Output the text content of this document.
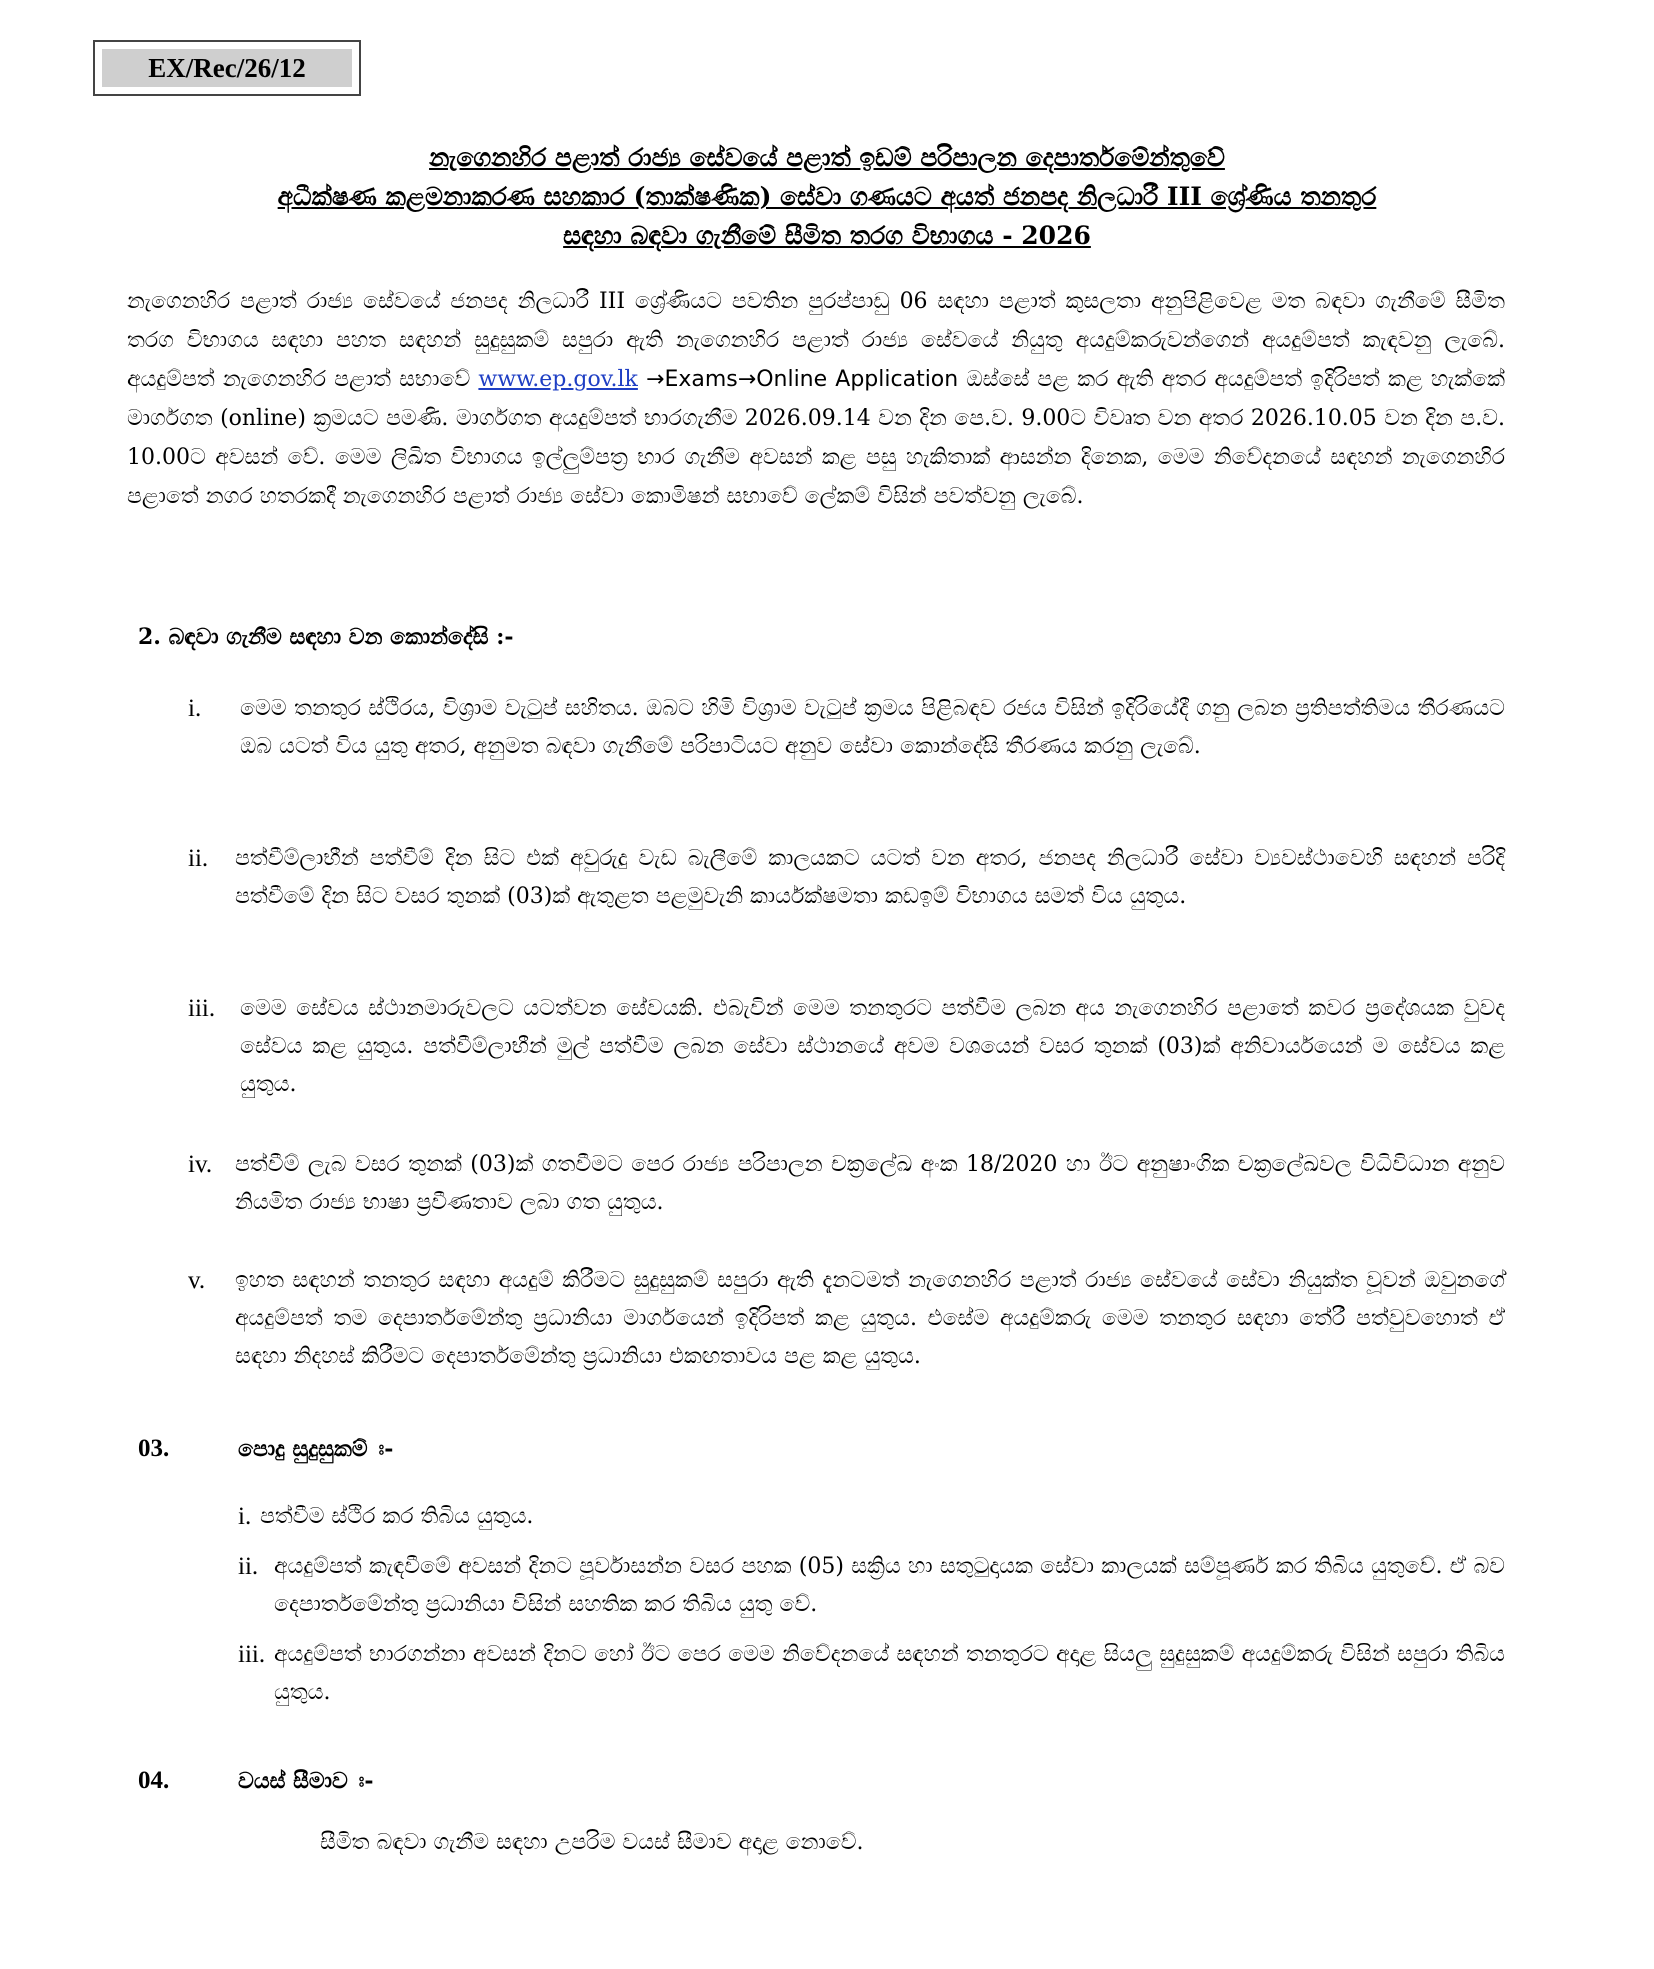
EX/Rec/26/12
නැගෙනහිර පළාත් රාජ්‍ය සේවයේ පළාත් ඉඩම් පරිපාලන දෙපාර්තමේන්තුවේ
අධීක්ෂණ කළමනාකරණ සහකාර (තාක්ෂණික) සේවා ගණයට අයත් ජනපද නිලධාරී III ශ්‍රේණිය තනතුර
සඳහා බඳවා ගැනීමේ සීමිත තරග විභාගය - 2026
නැගෙනහිර පළාත් රාජ්‍ය සේවයේ ජනපද නිලධාරී III ශ්‍රේණියට පවතින පුරප්පාඩු 06 සඳහා පළාත් කුසලතා අනුපිළිවෙළ මත බඳවා ගැනීමේ සීමිත තරග විභාගය සඳහා පහත සඳහන් සුදුසුකම් සපුරා ඇති නැගෙනහිර පළාත් රාජ්‍ය සේවයේ නියුතු අයදුම්කරුවන්ගෙන් අයදුම්පත් කැඳවනු ලැබේ. අයදුම්පත් නැගෙනහිර පළාත් සභාවේ www.ep.gov.lk →Exams→Online Application ඔස්සේ පළ කර ඇති අතර අයදුම්පත් ඉදිරිපත් කළ හැක්කේ මාර්ගගත (online) ක්‍රමයට පමණි. මාර්ගගත අයදුම්පත් භාරගැනීම 2026.09.14 වන දින පෙ.ව. 9.00ට විවෘත වන අතර 2026.10.05 වන දින ප.ව. 10.00ට අවසන් වේ. මෙම ලිඛිත විභාගය ඉල්ලුම්පත්‍ර භාර ගැනීම අවසන් කළ පසු හැකිතාක් ආසන්න දිනෙක, මෙම නිවේදනයේ සඳහන් නැගෙනහිර පළාතේ නගර හතරකදී නැගෙනහිර පළාත් රාජ්‍ය සේවා කොමිෂන් සභාවේ ලේකම් විසින් පවත්වනු ලැබේ.
2. බඳවා ගැනීම සඳහා වන කොන්දේසි :-
i.	මෙම තනතුර ස්ථිරය, විශ්‍රාම වැටුප් සහිතය. ඔබට හිමි විශ්‍රාම වැටුප් ක්‍රමය පිළිබඳව රජය විසින් ඉදිරියේදී ගනු ලබන ප්‍රතිපත්තිමය තීරණයට ඔබ යටත් විය යුතු අතර, අනුමත බඳවා ගැනීමේ පරිපාටියට අනුව සේවා කොන්දේසි තීරණය කරනු ලැබේ.
ii.	පත්වීම්ලාභීන් පත්වීම් දින සිට එක් අවුරුදු වැඩ බැලීමේ කාලයකට යටත් වන අතර, ජනපද නිලධාරී සේවා ව්‍යවස්ථාවෙහි සඳහන් පරිදි පත්වීමේ දින සිට වසර තුනක් (03)ක් ඇතුළත පළමුවැනි කාර්යක්ෂමතා කඩඉම් විභාගය සමත් විය යුතුය.
iii.	මෙම සේවය ස්ථානමාරුවලට යටත්වන සේවයකි. එබැවින් මෙම තනතුරට පත්වීම ලබන අය නැගෙනහිර පළාතේ කවර ප්‍රදේශයක වුවද සේවය කළ යුතුය. පත්වීම්ලාභීන් මුල් පත්වීම ලබන සේවා ස්ථානයේ අවම වශයෙන් වසර තුනක් (03)ක් අනිවාර්යයෙන් ම සේවය කළ යුතුය.
iv.	පත්වීම් ලැබ වසර තුනක් (03)ක් ගතවීමට පෙර රාජ්‍ය පරිපාලන චක්‍රලේඛ අංක 18/2020 හා ඊට අනුෂාංගික චක්‍රලේඛවල විධිවිධාන අනුව නියමිත රාජ්‍ය භාෂා ප්‍රවීණතාව ලබා ගත යුතුය.
v.	ඉහත සඳහන් තනතුර සඳහා අයදුම් කිරීමට සුදුසුකම් සපුරා ඇති දැනටමත් නැගෙනහිර පළාත් රාජ්‍ය සේවයේ සේවා නියුක්ත වූවන් ඔවුනගේ අයදුම්පත් තම දෙපාර්තමේන්තු ප්‍රධානියා මාර්ගයෙන් ඉදිරිපත් කළ යුතුය. එසේම අයදුම්කරු මෙම තනතුර සඳහා තේරී පත්වුවහොත් ඒ සඳහා නිදහස් කිරීමට දෙපාර්තමේන්තු ප්‍රධානියා එකඟතාවය පළ කළ යුතුය.
03.	පොදු සුදුසුකම් ඃ-
i. පත්වීම ස්ථිර කර තිබිය යුතුය.
ii. අයදුම්පත් කැඳවීමේ අවසන් දිනට පූර්වාසන්න වසර පහක (05) සක්‍රිය හා සතුටුදායක සේවා කාලයක් සම්පූර්ණ කර තිබිය යුතුවේ. ඒ බව දෙපාර්තමේන්තු ප්‍රධානියා විසින් සහතික කර තිබිය යුතු වේ.
iii. අයදුම්පත් භාරගන්නා අවසන් දිනට හෝ ඊට පෙර මෙම නිවේදනයේ සඳහන් තනතුරට අදාළ සියලු සුදුසුකම් අයදුම්කරු විසින් සපුරා තිබිය යුතුය.
04.	වයස් සීමාව ඃ-
සීමිත බඳවා ගැනීම සඳහා උපරිම වයස් සීමාව අදාළ නොවේ.
